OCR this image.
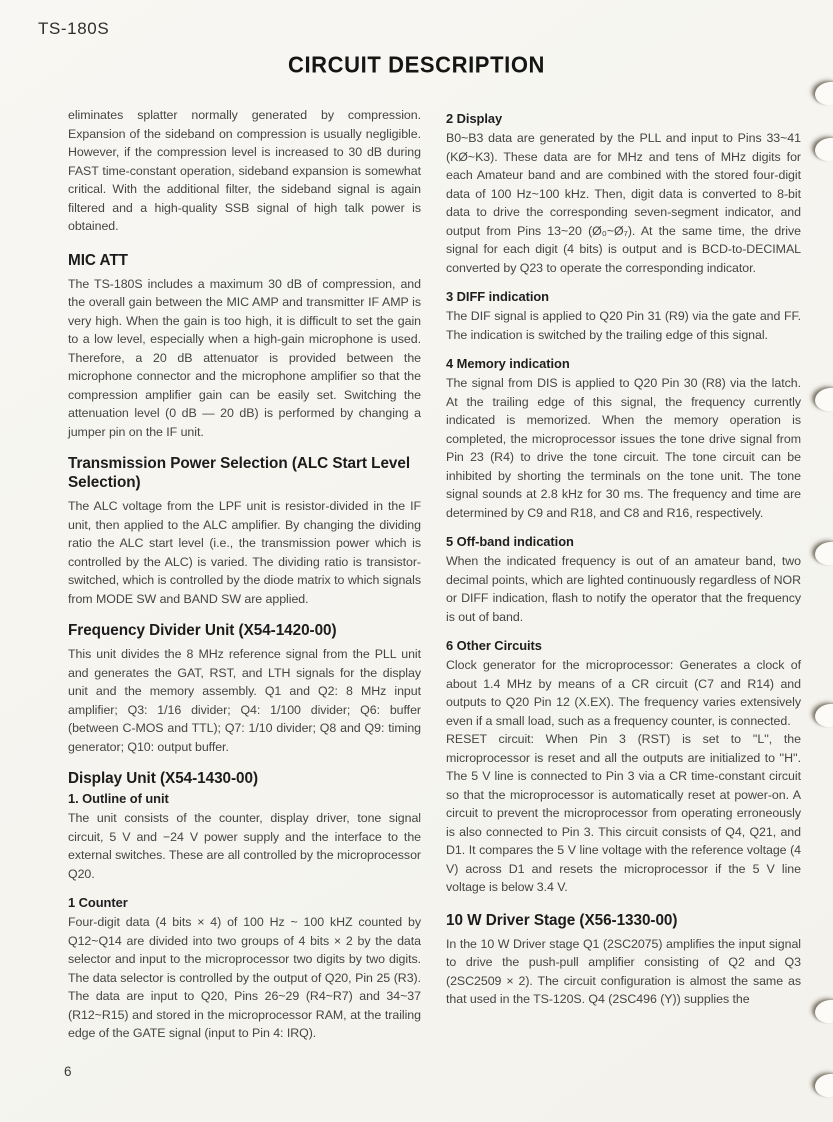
TS-180S
CIRCUIT DESCRIPTION

eliminates splatter normally generated by compression. Expansion of the sideband on compression is usually negligible. However, if the compression level is increased to 30 dB during FAST time-constant operation, sideband expansion is somewhat critical. With the additional filter, the sideband signal is again filtered and a high-quality SSB signal of high talk power is obtained.

MIC ATT

The TS-180S includes a maximum 30 dB of compression, and the overall gain between the MIC AMP and transmitter IF AMP is very high. When the gain is too high, it is difficult to set the gain to a low level, especially when a high-gain microphone is used. Therefore, a 20 dB attenuator is provided between the microphone connector and the microphone amplifier so that the compression amplifier gain can be easily set. Switching the attenuation level (0 dB — 20 dB) is performed by changing a jumper pin on the IF unit.

Transmission Power Selection (ALC Start Level Selection)

The ALC voltage from the LPF unit is resistor-divided in the IF unit, then applied to the ALC amplifier. By changing the dividing ratio the ALC start level (i.e., the transmission power which is controlled by the ALC) is varied. The dividing ratio is transistor-switched, which is controlled by the diode matrix to which signals from MODE SW and BAND SW are applied.

Frequency Divider Unit (X54-1420-00)

This unit divides the 8 MHz reference signal from the PLL unit and generates the GAT, RST, and LTH signals for the display unit and the memory assembly. Q1 and Q2: 8 MHz input amplifier; Q3: 1/16 divider; Q4: 1/100 divider; Q6: buffer (between C-MOS and TTL); Q7: 1/10 divider; Q8 and Q9: timing generator; Q10: output buffer.

Display Unit (X54-1430-00)
1. Outline of unit

The unit consists of the counter, display driver, tone signal circuit, 5 V and −24 V power supply and the interface to the external switches. These are all controlled by the microprocessor Q20.

1 Counter

Four-digit data (4 bits × 4) of 100 Hz ~ 100 kHZ counted by Q12~Q14 are divided into two groups of 4 bits × 2 by the data selector and input to the microprocessor two digits by two digits. The data selector is controlled by the output of Q20, Pin 25 (R3). The data are input to Q20, Pins 26~29 (R4~R7) and 34~37 (R12~R15) and stored in the microprocessor RAM, at the trailing edge of the GATE signal (input to Pin 4: IRQ).

2 Display

B0~B3 data are generated by the PLL and input to Pins 33~41 (KØ~K3). These data are for MHz and tens of MHz digits for each Amateur band and are combined with the stored four-digit data of 100 Hz~100 kHz. Then, digit data is converted to 8-bit data to drive the corresponding seven-segment indicator, and output from Pins 13~20 (Ø₀~Ø₇). At the same time, the drive signal for each digit (4 bits) is output and is BCD-to-DECIMAL converted by Q23 to operate the corresponding indicator.

3 DIFF indication

The DIF signal is applied to Q20 Pin 31 (R9) via the gate and FF. The indication is switched by the trailing edge of this signal.

4 Memory indication

The signal from DIS is applied to Q20 Pin 30 (R8) via the latch. At the trailing edge of this signal, the frequency currently indicated is memorized. When the memory operation is completed, the microprocessor issues the tone drive signal from Pin 23 (R4) to drive the tone circuit. The tone circuit can be inhibited by shorting the terminals on the tone unit. The tone signal sounds at 2.8 kHz for 30 ms. The frequency and time are determined by C9 and R18, and C8 and R16, respectively.

5 Off-band indication

When the indicated frequency is out of an amateur band, two decimal points, which are lighted continuously regardless of NOR or DIFF indication, flash to notify the operator that the frequency is out of band.

6 Other Circuits

Clock generator for the microprocessor: Generates a clock of about 1.4 MHz by means of a CR circuit (C7 and R14) and outputs to Q20 Pin 12 (X.EX). The frequency varies extensively even if a small load, such as a frequency counter, is connected.

RESET circuit: When Pin 3 (RST) is set to ''L'', the microprocessor is reset and all the outputs are initialized to ''H''. The 5 V line is connected to Pin 3 via a CR time-constant circuit so that the microprocessor is automatically reset at power-on. A circuit to prevent the microprocessor from operating erroneously is also connected to Pin 3. This circuit consists of Q4, Q21, and D1. It compares the 5 V line voltage with the reference voltage (4 V) across D1 and resets the microprocessor if the 5 V line voltage is below 3.4 V.

10 W Driver Stage (X56-1330-00)

In the 10 W Driver stage Q1 (2SC2075) amplifies the input signal to drive the push-pull amplifier consisting of Q2 and Q3 (2SC2509 × 2). The circuit configuration is almost the same as that used in the TS-120S. Q4 (2SC496 (Y)) supplies the

6
